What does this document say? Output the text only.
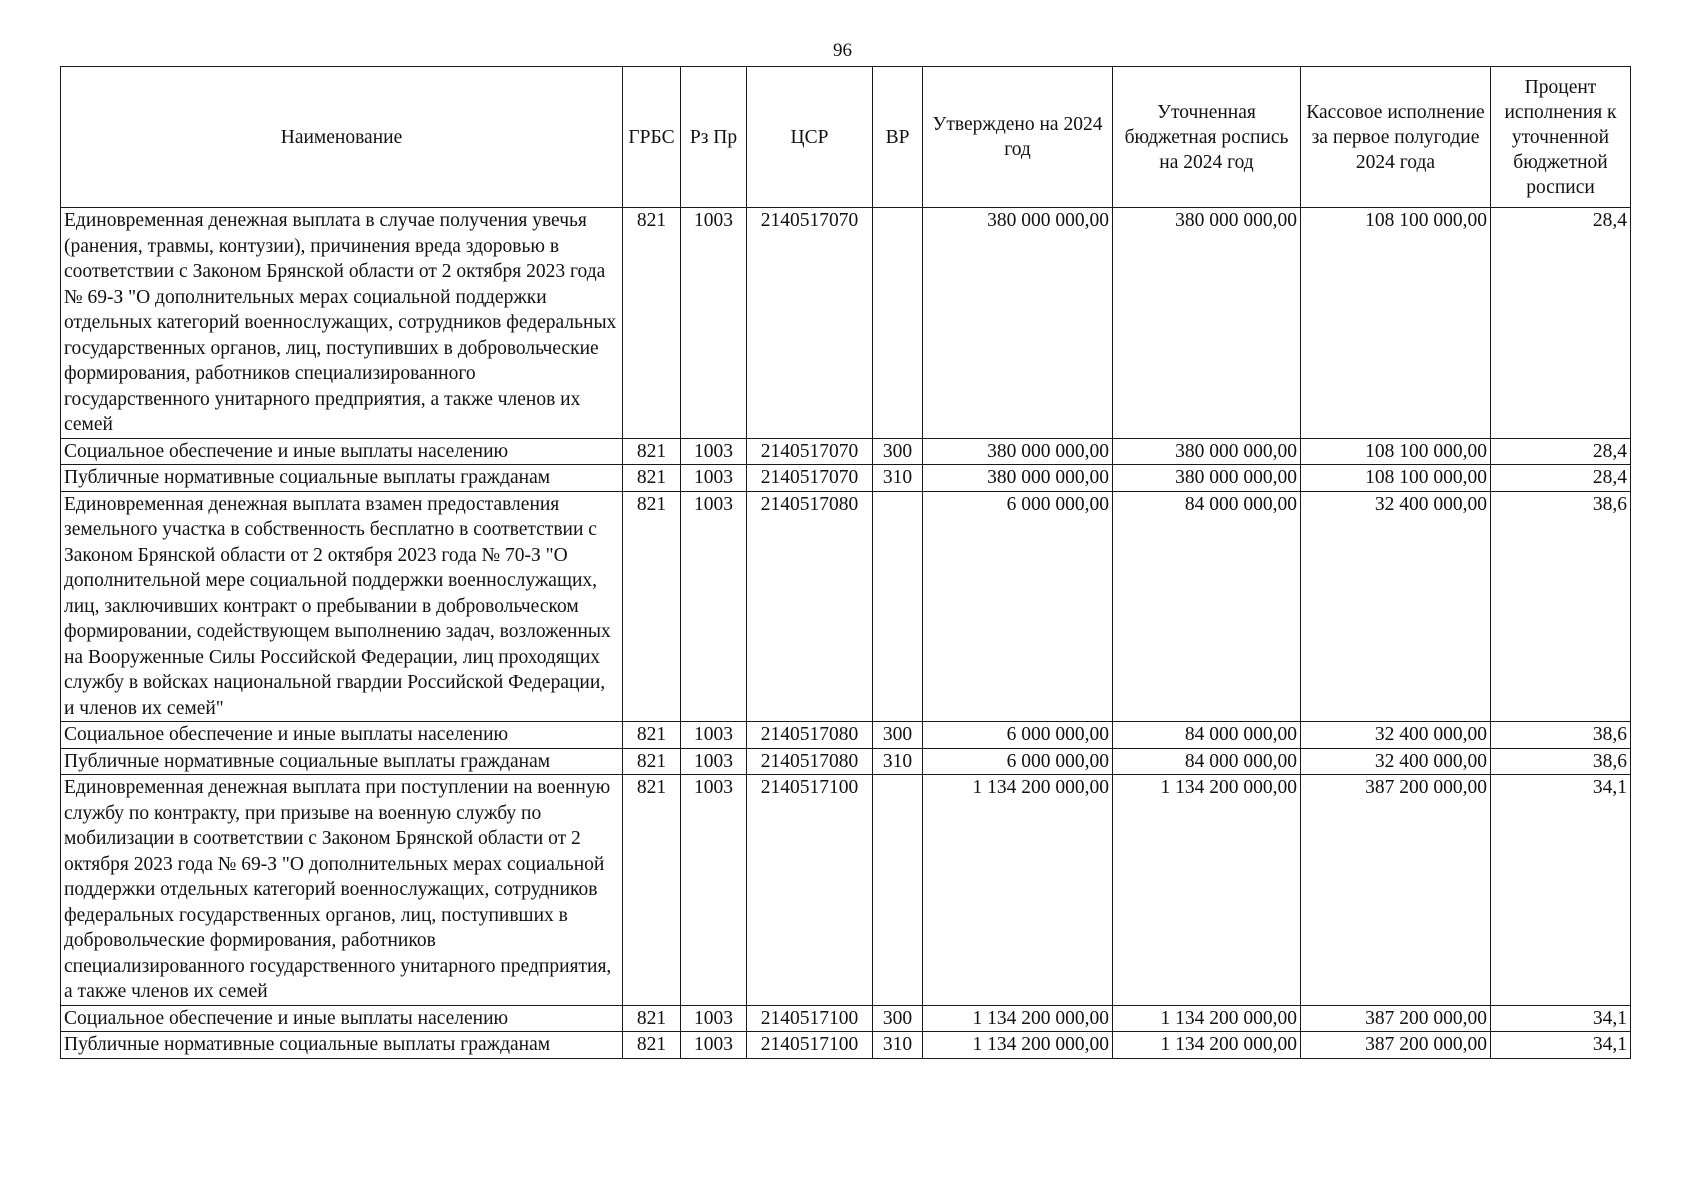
96
Наименование	ГРБС	Рз Пр	ЦСР	ВР	Утверждено на 2024 год	Уточненная бюджетная роспись на 2024 год	Кассовое исполнение за первое полугодие 2024 года	Процент исполнения к уточненной бюджетной росписи
Единовременная денежная выплата в случае получения увечья (ранения, травмы, контузии), причинения вреда здоровью в соответствии с Законом Брянской области от 2 октября 2023 года № 69-З "О дополнительных мерах социальной поддержки отдельных категорий военнослужащих, сотрудников федеральных государственных органов, лиц, поступивших в добровольческие формирования, работников специализированного государственного унитарного предприятия, а также членов их семей	821	1003	2140517070		380 000 000,00	380 000 000,00	108 100 000,00	28,4
Социальное обеспечение и иные выплаты населению	821	1003	2140517070	300	380 000 000,00	380 000 000,00	108 100 000,00	28,4
Публичные нормативные социальные выплаты гражданам	821	1003	2140517070	310	380 000 000,00	380 000 000,00	108 100 000,00	28,4
Единовременная денежная выплата взамен предоставления земельного участка в собственность бесплатно в соответствии с Законом Брянской области от 2 октября 2023 года № 70-З "О дополнительной мере социальной поддержки военнослужащих, лиц, заключивших контракт о пребывании в добровольческом формировании, содействующем выполнению задач, возложенных на Вооруженные Силы Российской Федерации, лиц проходящих службу в войсках национальной гвардии Российской Федерации, и членов их семей"	821	1003	2140517080		6 000 000,00	84 000 000,00	32 400 000,00	38,6
Социальное обеспечение и иные выплаты населению	821	1003	2140517080	300	6 000 000,00	84 000 000,00	32 400 000,00	38,6
Публичные нормативные социальные выплаты гражданам	821	1003	2140517080	310	6 000 000,00	84 000 000,00	32 400 000,00	38,6
Единовременная денежная выплата при поступлении на военную службу по контракту, при призыве на военную службу по мобилизации в соответствии с Законом Брянской области от 2 октября 2023 года № 69-З "О дополнительных мерах социальной поддержки отдельных категорий военнослужащих, сотрудников федеральных государственных органов, лиц, поступивших в добровольческие формирования, работников специализированного государственного унитарного предприятия, а также членов их семей	821	1003	2140517100		1 134 200 000,00	1 134 200 000,00	387 200 000,00	34,1
Социальное обеспечение и иные выплаты населению	821	1003	2140517100	300	1 134 200 000,00	1 134 200 000,00	387 200 000,00	34,1
Публичные нормативные социальные выплаты гражданам	821	1003	2140517100	310	1 134 200 000,00	1 134 200 000,00	387 200 000,00	34,1
